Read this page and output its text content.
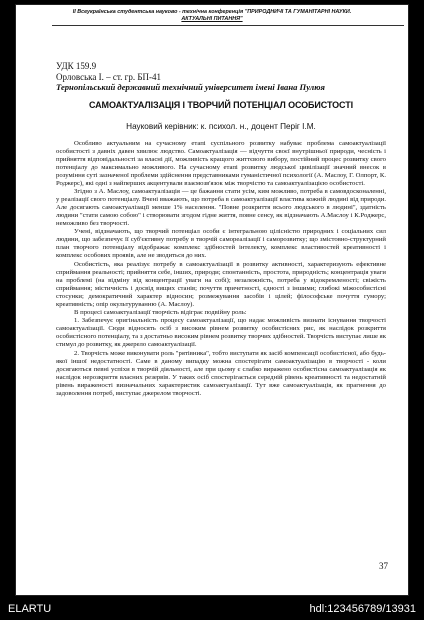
II Всеукраїнська студентська науково - технічна конференція "ПРИРОДНИЧІ ТА ГУМАНІТАРНІ НАУКИ.
АКТУАЛЬНІ ПИТАННЯ"
УДК 159.9
Орловська І. – ст. гр. БП-41
Тернопільський державний технічний університет імені Івана Пулюя
САМОАКТУАЛІЗАЦІЯ І ТВОРЧИЙ ПОТЕНЦІАЛ ОСОБИСТОСТІ
Науковий керівник: к. психол. н., доцент Періг І.М.

Особливо актуальним на сучасному етапі суспільного розвитку набуває проблема самоактуалізації особистості з давніх давен хвилює людство. Самоактуалізація — відчуття своєї внутрішньої природи, чесність і прийняття відповідальності за власні дії, можливість кращого життєвого вибору, постійний процес розвитку свого потенціалу до максимально можливого. На сучасному етапі розвитку людської цивілізації значний внесок в розуміння суті зазначеної проблеми здійснення представниками гуманістичної психології (А. Маслоу, Г. Олпорт, К. Роджерс), які одні з найперших акцентували взаємозв'язок між творчістю та самоактуалізацією особистості.

Згідно з А. Маслоу, самоактуалізація — це бажання стати усім, ким можливо, потреба в самовдосконаленні, у реалізації свого потенціалу. Вчені вважають, що потреба в самоактуалізації властива кожній людині від природи. Але досягають самоактуалізації менше 1% населення. "Повне розкриття всього людського в людині", здатність людини "стати самою собою" і створювати згодом гідне життя, повне сенсу, як відзначають А.Маслоу і К.Роджерс, неможливо без творчості.

Учені, відзначають, що творчий потенціал особи є інтегральною цілісністю природних і соціальних сил людини, що забезпечує її суб'єктивну потребу в творчій самореалізації і саморозвитку; що змістовно-структурний план творчого потенціалу відображає комплекс здібностей інтелекту, комплекс властивостей креативності і комплекс особових проявів, але не зводиться до них.

Особистість, яка реалізує потребу в самоактуалізації в розвитку активності, характеризують ефективне сприймання реальності; прийняття себе, інших, природи; спонтанність, простота, природність; концентрація уваги на проблемі (на відміну від концентрації уваги на собі); незалежність, потреба у відокремленості; свіжість сприймання; містичність і досвід вищих станів; почуття причетності, єдності з іншими; глибокі міжособистісні стосунки; демократичний характер відносин; розмежування засобів і цілей; філософське почуття гумору; креативність; опір окультуруванню (А. Маслоу).

В процесі самоактуалізації творчість відіграє подвійну роль:

1. Забезпечує оригінальність процесу самоактуалізації, що надає можливість визнати існування творчості самоактуалізації. Сюди відносять осіб з високим рівнем розвитку особистісних рис, як наслідок розкриття особистісного потенціалу, та з достатньо високим рівнем розвитку творчих здібностей. Творчість виступає лише як стимул до розвитку, як джерело самоактуалізації.

2. Творчість може виконувати роль "рятівника", тобто виступати як засіб компенсації особистісної, або будь-якої іншої недостатності. Саме в даному випадку можна спостерігати самоактуалізацію в творчості - коли досягаються певні успіхи в творчій діяльності, але при цьому є слабко виражено особистісна самоактуалізація як наслідок нерозкриття власних резервів. У таких осіб спостерігається середній рівень креативності та недостатній рівень вираженості визначальних характеристик самоактуалізації. Тут вже самоактуалізація, як прагнення до задоволення потреб, виступає джерелом творчості.

37
ELARTU	hdl:123456789/13931
